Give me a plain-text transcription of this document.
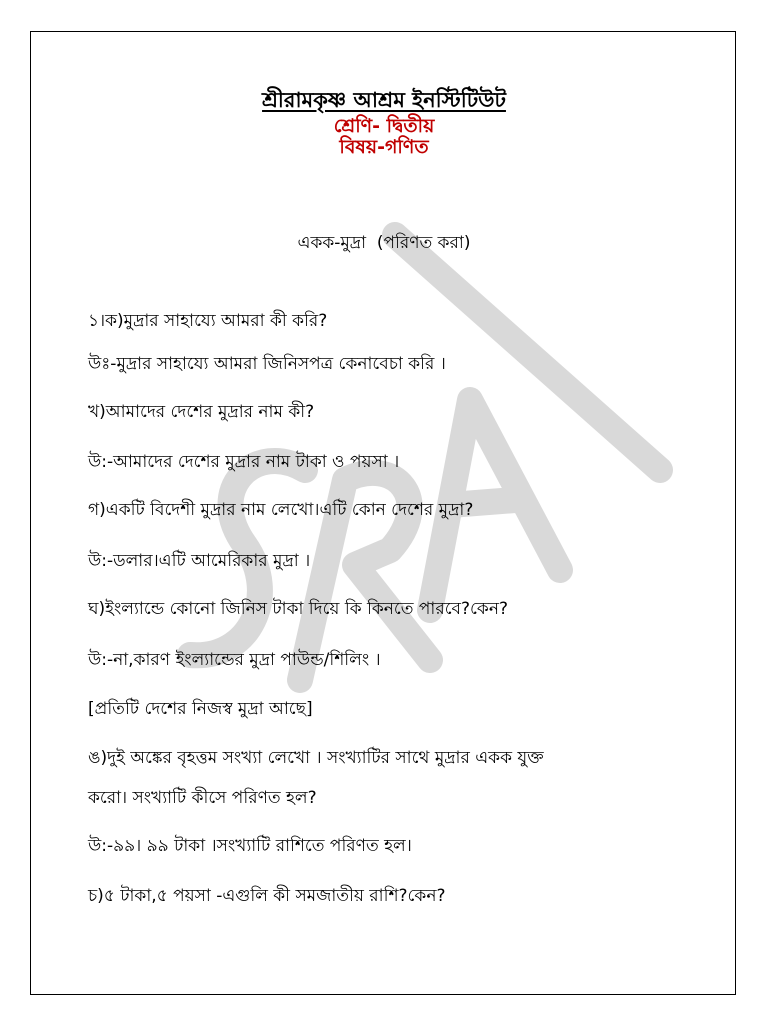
শ্রীরামকৃষ্ণ আশ্রম ইনস্টিটিউট
শ্রেণি- দ্বিতীয়
বিষয়-গণিত
একক-মুদ্রা  (পরিণত করা)
১।ক)মুদ্রার সাহায্যে আমরা কী করি?
উঃ-মুদ্রার সাহায্যে আমরা জিনিসপত্র কেনাবেচা করি ।
খ)আমাদের দেশের মুদ্রার নাম কী?
উ:-আমাদের দেশের মুদ্রার নাম টাকা ও পয়সা ।
গ)একটি বিদেশী মুদ্রার নাম লেখো।এটি কোন দেশের মুদ্রা?
উ:-ডলার।এটি আমেরিকার মুদ্রা ।
ঘ)ইংল্যান্ডে কোনো জিনিস টাকা দিয়ে কি কিনতে পারবে?কেন?
উ:-না,কারণ ইংল্যান্ডের মুদ্রা পাউন্ড/শিলিং ।
[প্রতিটি দেশের নিজস্ব মুদ্রা আছে]
ঙ)দুই অঙ্কের বৃহত্তম সংখ্যা লেখো । সংখ্যাটির সাথে মুদ্রার একক যুক্ত
করো। সংখ্যাটি কীসে পরিণত হল?
উ:-৯৯। ৯৯ টাকা ।সংখ্যাটি রাশিতে পরিণত হল।
চ)৫ টাকা,৫ পয়সা -এগুলি কী সমজাতীয় রাশি?কেন?
